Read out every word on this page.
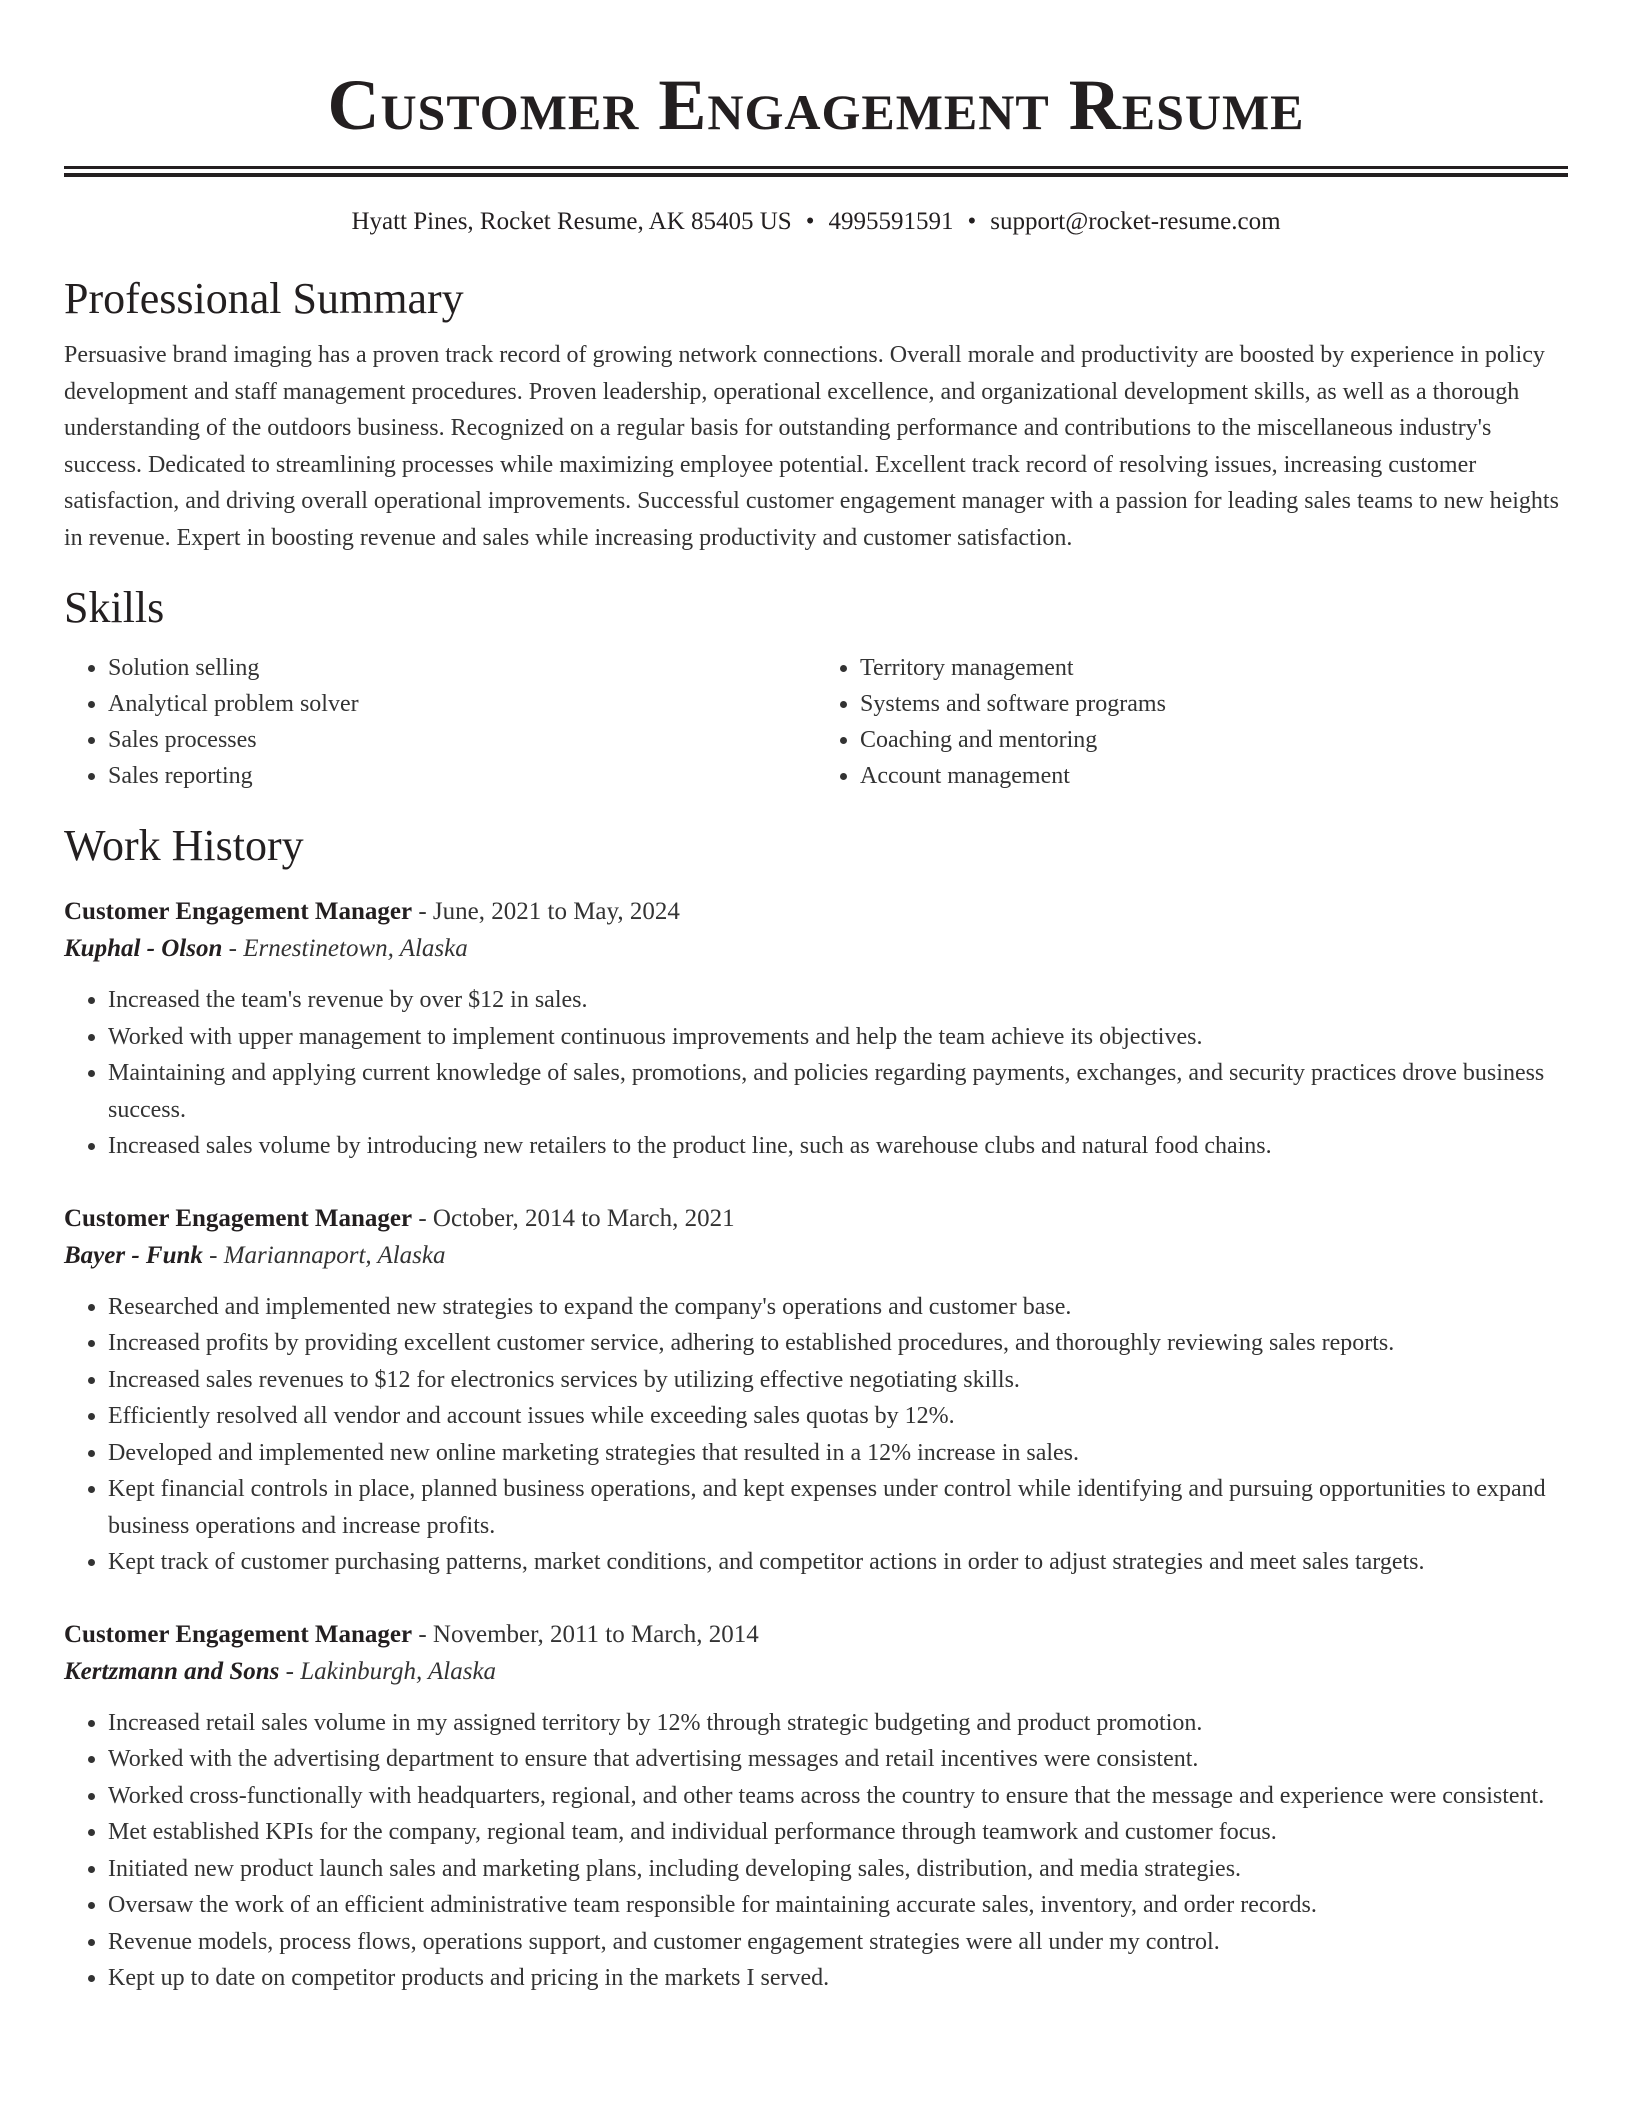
Customer Engagement Resume
Hyatt Pines, Rocket Resume, AK 85405 US • 4995591591 • support@rocket-resume.com
Professional Summary

Persuasive brand imaging has a proven track record of growing network connections. Overall morale and productivity are boosted by experience in policy development and staff management procedures. Proven leadership, operational excellence, and organizational development skills, as well as a thorough understanding of the outdoors business. Recognized on a regular basis for outstanding performance and contributions to the miscellaneous industry's success. Dedicated to streamlining processes while maximizing employee potential. Excellent track record of resolving issues, increasing customer satisfaction, and driving overall operational improvements. Successful customer engagement manager with a passion for leading sales teams to new heights in revenue. Expert in boosting revenue and sales while increasing productivity and customer satisfaction.

Skills
• Solution selling
• Analytical problem solver
• Sales processes
• Sales reporting
• Territory management
• Systems and software programs
• Coaching and mentoring
• Account management
Work History
Customer Engagement Manager - June, 2021 to May, 2024
Kuphal - Olson - Ernestinetown, Alaska
• Increased the team's revenue by over $12 in sales.
• Worked with upper management to implement continuous improvements and help the team achieve its objectives.
• Maintaining and applying current knowledge of sales, promotions, and policies regarding payments, exchanges, and security practices drove business success.
• Increased sales volume by introducing new retailers to the product line, such as warehouse clubs and natural food chains.
Customer Engagement Manager - October, 2014 to March, 2021
Bayer - Funk - Mariannaport, Alaska
• Researched and implemented new strategies to expand the company's operations and customer base.
• Increased profits by providing excellent customer service, adhering to established procedures, and thoroughly reviewing sales reports.
• Increased sales revenues to $12 for electronics services by utilizing effective negotiating skills.
• Efficiently resolved all vendor and account issues while exceeding sales quotas by 12%.
• Developed and implemented new online marketing strategies that resulted in a 12% increase in sales.
• Kept financial controls in place, planned business operations, and kept expenses under control while identifying and pursuing opportunities to expand business operations and increase profits.
• Kept track of customer purchasing patterns, market conditions, and competitor actions in order to adjust strategies and meet sales targets.
Customer Engagement Manager - November, 2011 to March, 2014
Kertzmann and Sons - Lakinburgh, Alaska
• Increased retail sales volume in my assigned territory by 12% through strategic budgeting and product promotion.
• Worked with the advertising department to ensure that advertising messages and retail incentives were consistent.
• Worked cross-functionally with headquarters, regional, and other teams across the country to ensure that the message and experience were consistent.
• Met established KPIs for the company, regional team, and individual performance through teamwork and customer focus.
• Initiated new product launch sales and marketing plans, including developing sales, distribution, and media strategies.
• Oversaw the work of an efficient administrative team responsible for maintaining accurate sales, inventory, and order records.
• Revenue models, process flows, operations support, and customer engagement strategies were all under my control.
• Kept up to date on competitor products and pricing in the markets I served.
